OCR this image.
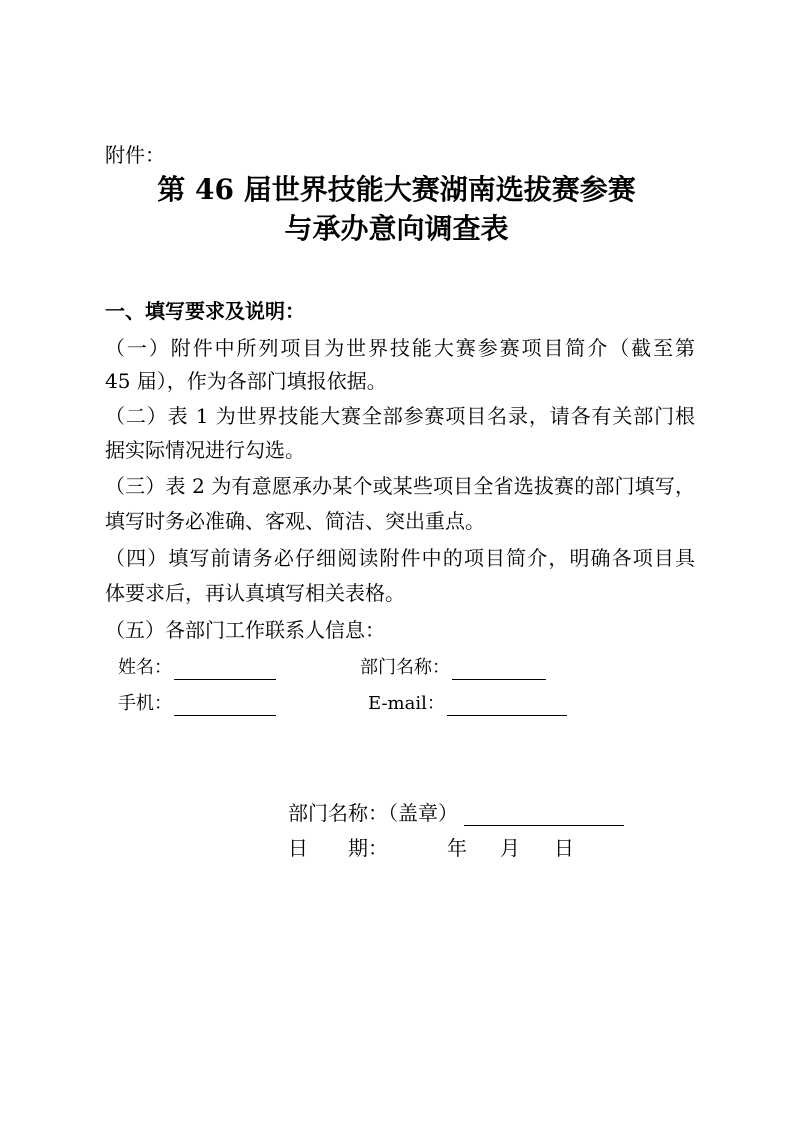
附件：
第 46 届世界技能大赛湖南选拔赛参赛
与承办意向调查表
一、填写要求及说明：
（一）附件中所列项目为世界技能大赛参赛项目简介（截至第
45 届），作为各部门填报依据。
（二）表 1 为世界技能大赛全部参赛项目名录，请各有关部门根
据实际情况进行勾选。
（三）表 2 为有意愿承办某个或某些项目全省选拔赛的部门填写，
填写时务必准确、客观、简洁、突出重点。
（四）填写前请务必仔细阅读附件中的项目简介，明确各项目具
体要求后，再认真填写相关表格。
（五）各部门工作联系人信息：
姓名：	部门名称：
手机：	E-mail：
部门名称：（盖章）
日　　期：	年 月 日
